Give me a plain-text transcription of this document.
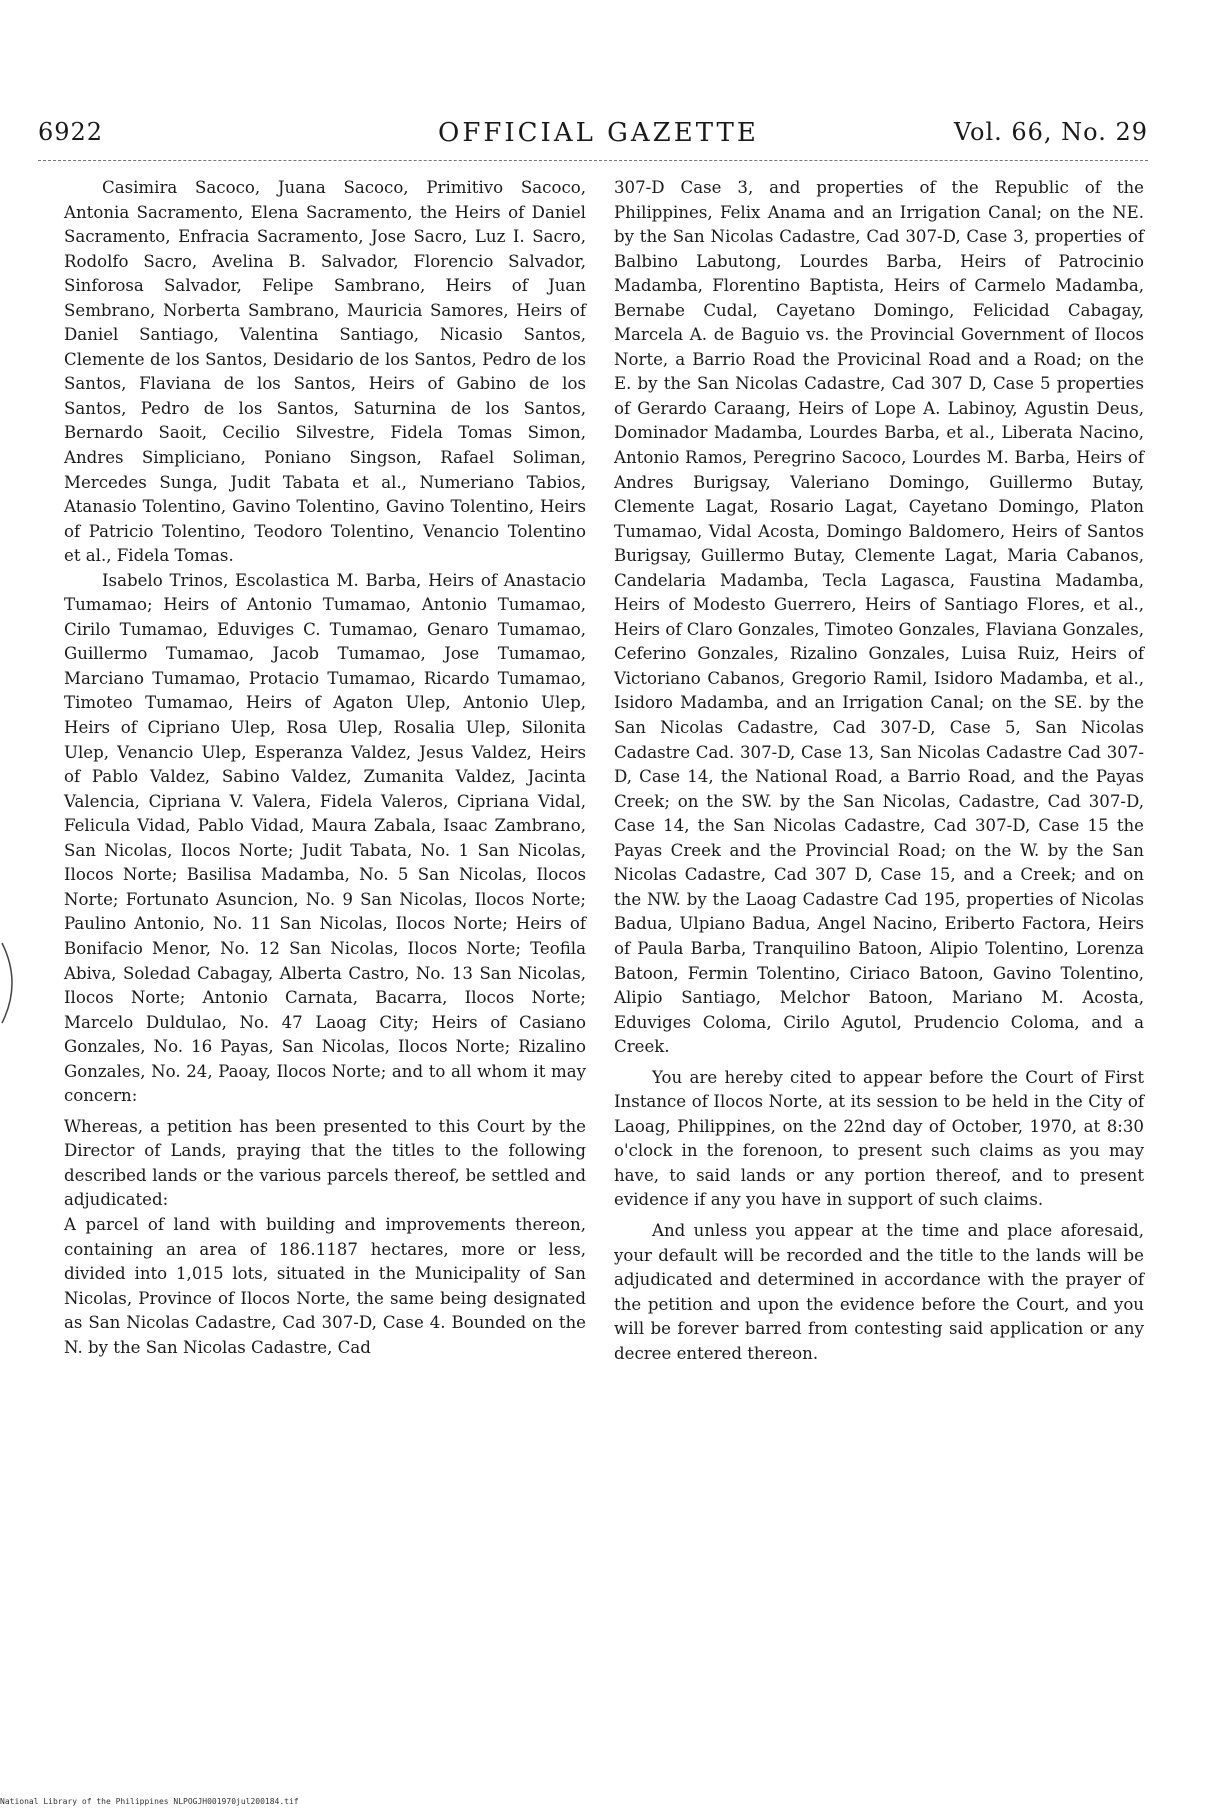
6922	OFFICIAL GAZETTE	Vol. 66, No. 29

Casimira Sacoco, Juana Sacoco, Primitivo Sacoco, Antonia Sacramento, Elena Sacramento, the Heirs of Daniel Sacramento, Enfracia Sacramento, Jose Sacro, Luz I. Sacro, Rodolfo Sacro, Avelina B. Salvador, Florencio Salvador, Sinforosa Salvador, Felipe Sambrano, Heirs of Juan Sembrano, Norberta Sambrano, Mauricia Samores, Heirs of Daniel Santiago, Valentina Santiago, Nicasio Santos, Clemente de los Santos, Desidario de los Santos, Pedro de los Santos, Flaviana de los Santos, Heirs of Gabino de los Santos, Pedro de los Santos, Saturnina de los Santos, Bernardo Saoit, Cecilio Silvestre, Fidela Tomas Simon, Andres Simpliciano, Poniano Singson, Rafael Soliman, Mercedes Sunga, Judit Tabata et al., Numeriano Tabios, Atanasio Tolentino, Gavino Tolentino, Gavino Tolentino, Heirs of Patricio Tolentino, Teodoro Tolentino, Venancio Tolentino et al., Fidela Tomas.

Isabelo Trinos, Escolastica M. Barba, Heirs of Anastacio Tumamao; Heirs of Antonio Tumamao, Antonio Tumamao, Cirilo Tumamao, Eduviges C. Tumamao, Genaro Tumamao, Guillermo Tumamao, Jacob Tumamao, Jose Tumamao, Marciano Tumamao, Protacio Tumamao, Ricardo Tumamao, Timoteo Tumamao, Heirs of Agaton Ulep, Antonio Ulep, Heirs of Cipriano Ulep, Rosa Ulep, Rosalia Ulep, Silonita Ulep, Venancio Ulep, Esperanza Valdez, Jesus Valdez, Heirs of Pablo Valdez, Sabino Valdez, Zumanita Valdez, Jacinta Valencia, Cipriana V. Valera, Fidela Valeros, Cipriana Vidal, Felicula Vidad, Pablo Vidad, Maura Zabala, Isaac Zambrano, San Nicolas, Ilocos Norte; Judit Tabata, No. 1 San Nicolas, Ilocos Norte; Basilisa Madamba, No. 5 San Nicolas, Ilocos Norte; Fortunato Asuncion, No. 9 San Nicolas, Ilocos Norte; Paulino Antonio, No. 11 San Nicolas, Ilocos Norte; Heirs of Bonifacio Menor, No. 12 San Nicolas, Ilocos Norte; Teofila Abiva, Soledad Cabagay, Alberta Castro, No. 13 San Nicolas, Ilocos Norte; Antonio Carnata, Bacarra, Ilocos Norte; Marcelo Duldulao, No. 47 Laoag City; Heirs of Casiano Gonzales, No. 16 Payas, San Nicolas, Ilocos Norte; Rizalino Gonzales, No. 24, Paoay, Ilocos Norte; and to all whom it may concern:

Whereas, a petition has been presented to this Court by the Director of Lands, praying that the titles to the following described lands or the various parcels thereof, be settled and adjudicated:

A parcel of land with building and improvements thereon, containing an area of 186.1187 hectares, more or less, divided into 1,015 lots, situated in the Municipality of San Nicolas, Province of Ilocos Norte, the same being designated as San Nicolas Cadastre, Cad 307-D, Case 4. Bounded on the N. by the San Nicolas Cadastre, Cad

307-D Case 3, and properties of the Republic of the Philippines, Felix Anama and an Irrigation Canal; on the NE. by the San Nicolas Cadastre, Cad 307-D, Case 3, properties of Balbino Labutong, Lourdes Barba, Heirs of Patrocinio Madamba, Florentino Baptista, Heirs of Carmelo Madamba, Bernabe Cudal, Cayetano Domingo, Felicidad Cabagay, Marcela A. de Baguio vs. the Provincial Government of Ilocos Norte, a Barrio Road the Provicinal Road and a Road; on the E. by the San Nicolas Cadastre, Cad 307 D, Case 5 properties of Gerardo Caraang, Heirs of Lope A. Labinoy, Agustin Deus, Dominador Madamba, Lourdes Barba, et al., Liberata Nacino, Antonio Ramos, Peregrino Sacoco, Lourdes M. Barba, Heirs of Andres Burigsay, Valeriano Domingo, Guillermo Butay, Clemente Lagat, Rosario Lagat, Cayetano Domingo, Platon Tumamao, Vidal Acosta, Domingo Baldomero, Heirs of Santos Burigsay, Guillermo Butay, Clemente Lagat, Maria Cabanos, Candelaria Madamba, Tecla Lagasca, Faustina Madamba, Heirs of Modesto Guerrero, Heirs of Santiago Flores, et al., Heirs of Claro Gonzales, Timoteo Gonzales, Flaviana Gonzales, Ceferino Gonzales, Rizalino Gonzales, Luisa Ruiz, Heirs of Victoriano Cabanos, Gregorio Ramil, Isidoro Madamba, et al., Isidoro Madamba, and an Irrigation Canal; on the SE. by the San Nicolas Cadastre, Cad 307-D, Case 5, San Nicolas Cadastre Cad. 307-D, Case 13, San Nicolas Cadastre Cad 307-D, Case 14, the National Road, a Barrio Road, and the Payas Creek; on the SW. by the San Nicolas, Cadastre, Cad 307-D, Case 14, the San Nicolas Cadastre, Cad 307-D, Case 15 the Payas Creek and the Provincial Road; on the W. by the San Nicolas Cadastre, Cad 307 D, Case 15, and a Creek; and on the NW. by the Laoag Cadastre Cad 195, properties of Nicolas Badua, Ulpiano Badua, Angel Nacino, Eriberto Factora, Heirs of Paula Barba, Tranquilino Batoon, Alipio Tolentino, Lorenza Batoon, Fermin Tolentino, Ciriaco Batoon, Gavino Tolentino, Alipio Santiago, Melchor Batoon, Mariano M. Acosta, Eduviges Coloma, Cirilo Agutol, Prudencio Coloma, and a Creek.

You are hereby cited to appear before the Court of First Instance of Ilocos Norte, at its session to be held in the City of Laoag, Philippines, on the 22nd day of October, 1970, at 8:30 o'clock in the forenoon, to present such claims as you may have, to said lands or any portion thereof, and to present evidence if any you have in support of such claims.

And unless you appear at the time and place aforesaid, your default will be recorded and the title to the lands will be adjudicated and determined in accordance with the prayer of the petition and upon the evidence before the Court, and you will be forever barred from contesting said application or any decree entered thereon.

National Library of the Philippines NLPOGJH001970jul200184.tif
